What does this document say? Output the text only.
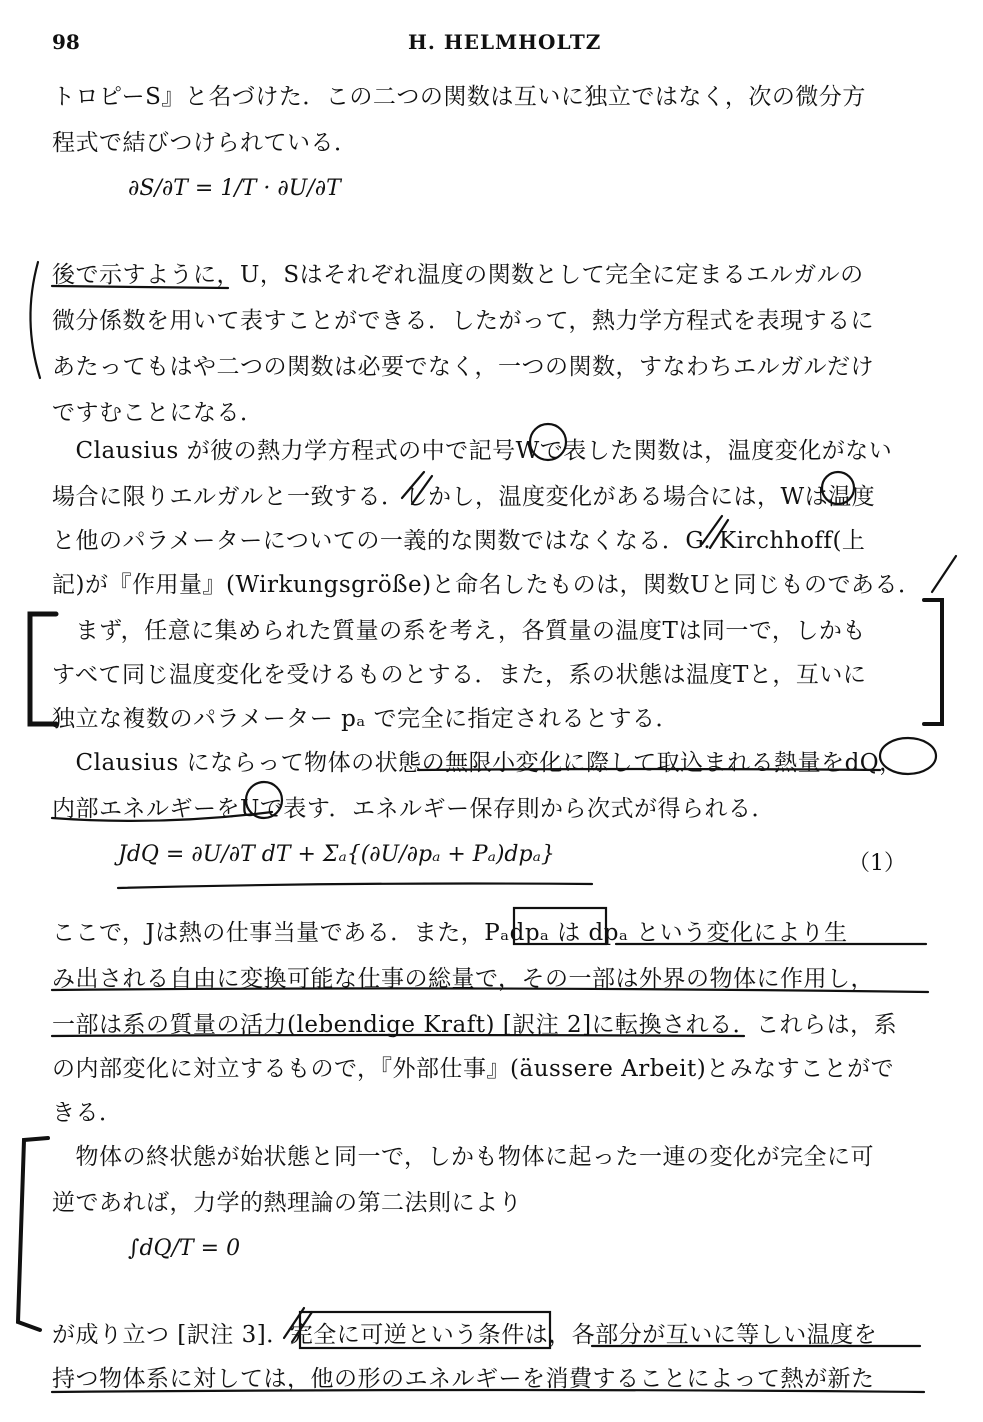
98	H. HELMHOLTZ
トロピーS』と名づけた．この二つの関数は互いに独立ではなく，次の微分方
程式で結びつけられている．
∂S/∂T = 1/T · ∂U/∂T
後で示すように，U，Sはそれぞれ温度の関数として完全に定まるエルガルの
微分係数を用いて表すことができる．したがって，熱力学方程式を表現するに
あたってもはや二つの関数は必要でなく，一つの関数，すなわちエルガルだけ
ですむことになる．
　Clausius が彼の熱力学方程式の中で記号Wで表した関数は，温度変化がない
場合に限りエルガルと一致する．しかし，温度変化がある場合には，Wは温度
と他のパラメーターについての一義的な関数ではなくなる．G. Kirchhoff(上
記)が『作用量』(Wirkungsgröße)と命名したものは，関数Uと同じものである．
　まず，任意に集められた質量の系を考え，各質量の温度Tは同一で，しかも
すべて同じ温度変化を受けるものとする．また，系の状態は温度Tと，互いに
独立な複数のパラメーター pₐ で完全に指定されるとする．
　Clausius にならって物体の状態の無限小変化に際して取込まれる熱量をdQ，
内部エネルギーをUで表す．エネルギー保存則から次式が得られる．
JdQ = ∂U/∂T dT + Σₐ{(∂U/∂pₐ + Pₐ)dpₐ}	（1）
ここで，Jは熱の仕事当量である．また，Pₐdpₐ は dpₐ という変化により生
み出される自由に変換可能な仕事の総量で，その一部は外界の物体に作用し，
一部は系の質量の活力(lebendige Kraft) [訳注 2]に転換される．これらは，系
の内部変化に対立するもので，『外部仕事』(äussere Arbeit)とみなすことがで
きる．
　物体の終状態が始状態と同一で，しかも物体に起った一連の変化が完全に可
逆であれば，力学的熱理論の第二法則により
∫dQ/T = 0
が成り立つ [訳注 3]．完全に可逆という条件は，各部分が互いに等しい温度を
持つ物体系に対しては，他の形のエネルギーを消費することによって熱が新た
